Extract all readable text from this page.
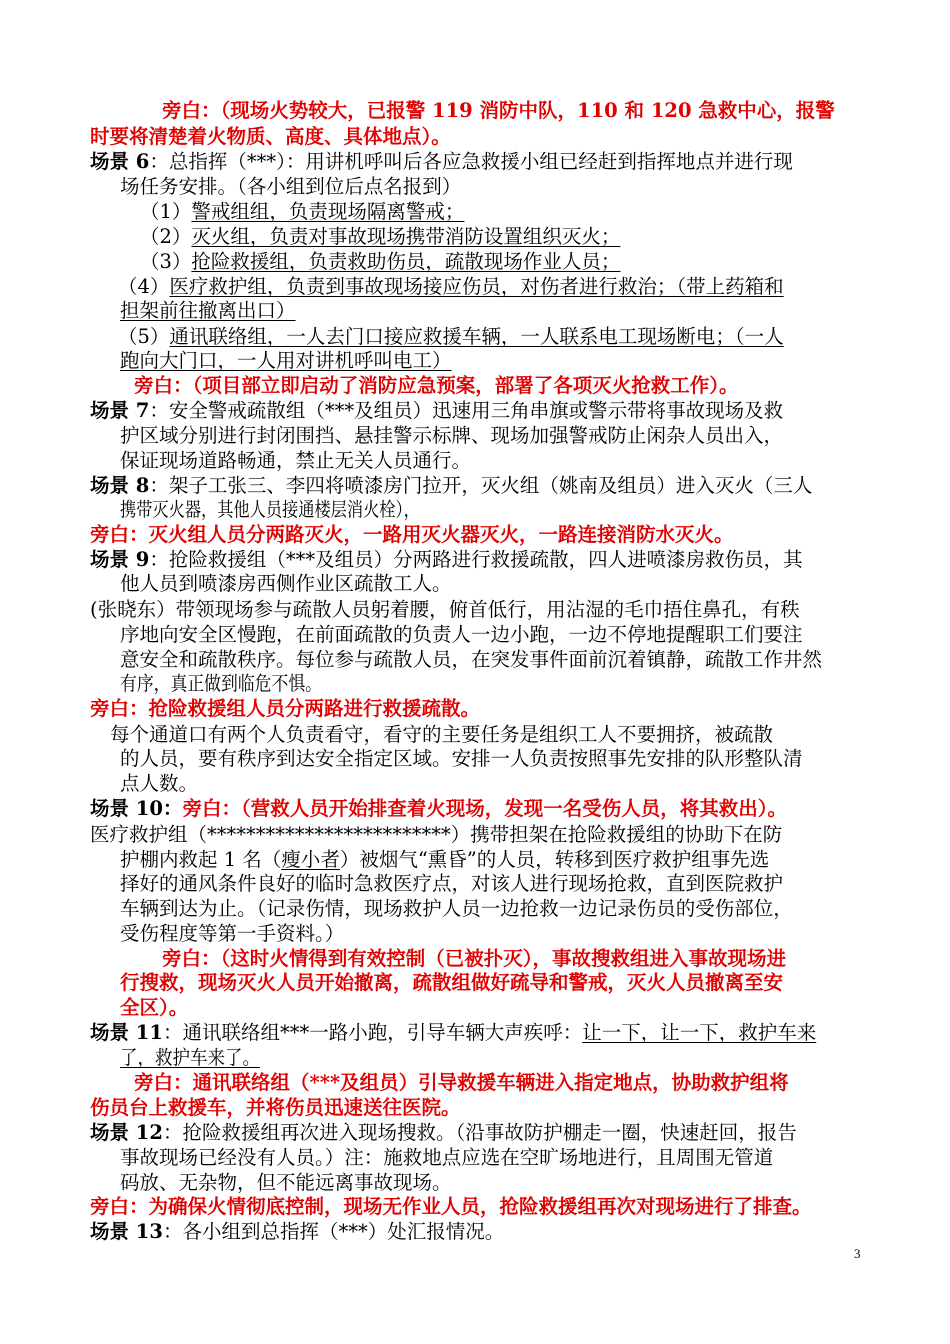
旁白：（现场火势较大，已报警 119 消防中队，110 和 120 急救中心，报警
时要将清楚着火物质、高度、具体地点）。
场景 6：总指挥（***）：用讲机呼叫后各应急救援小组已经赶到指挥地点并进行现
场任务安排。（各小组到位后点名报到）
（1）警戒组组，负责现场隔离警戒；
（2）灭火组，负责对事故现场携带消防设置组织灭火；
（3）抢险救援组，负责救助伤员，疏散现场作业人员；
（4）医疗救护组，负责到事故现场接应伤员，对伤者进行救治；（带上药箱和
担架前往撤离出口）
（5）通讯联络组，一人去门口接应救援车辆，一人联系电工现场断电；（一人
跑向大门口，一人用对讲机呼叫电工）
旁白：（项目部立即启动了消防应急预案，部署了各项灭火抢救工作）。
场景 7：安全警戒疏散组（***及组员）迅速用三角串旗或警示带将事故现场及救
护区域分别进行封闭围挡、悬挂警示标牌、现场加强警戒防止闲杂人员出入，
保证现场道路畅通，禁止无关人员通行。
场景 8：架子工张三、李四将喷漆房门拉开，灭火组（姚南及组员）进入灭火（三人
携带灭火器，其他人员接通楼层消火栓），
旁白：灭火组人员分两路灭火，一路用灭火器灭火，一路连接消防水灭火。
场景 9：抢险救援组（***及组员）分两路进行救援疏散，四人进喷漆房救伤员，其
他人员到喷漆房西侧作业区疏散工人。
(张晓东）带领现场参与疏散人员躬着腰，俯首低行，用沾湿的毛巾捂住鼻孔，有秩
序地向安全区慢跑，在前面疏散的负责人一边小跑，一边不停地提醒职工们要注
意安全和疏散秩序。每位参与疏散人员，在突发事件面前沉着镇静，疏散工作井然
有序，真正做到临危不惧。
旁白：抢险救援组人员分两路进行救援疏散。
每个通道口有两个人负责看守，看守的主要任务是组织工人不要拥挤，被疏散
的人员，要有秩序到达安全指定区域。安排一人负责按照事先安排的队形整队清
点人数。
场景 10：旁白：（营救人员开始排查着火现场，发现一名受伤人员，将其救出）。
医疗救护组（*************************）携带担架在抢险救援组的协助下在防
护棚内救起 1 名（瘦小者）被烟气“熏昏”的人员，转移到医疗救护组事先选
择好的通风条件良好的临时急救医疗点，对该人进行现场抢救，直到医院救护
车辆到达为止。（记录伤情，现场救护人员一边抢救一边记录伤员的受伤部位，
受伤程度等第一手资料。）
旁白：（这时火情得到有效控制（已被扑灭），事故搜救组进入事故现场进
行搜救，现场灭火人员开始撤离，疏散组做好疏导和警戒，灭火人员撤离至安
全区）。
场景 11：通讯联络组***一路小跑，引导车辆大声疾呼：让一下，让一下，救护车来
了，救护车来了。
旁白：通讯联络组（***及组员）引导救援车辆进入指定地点，协助救护组将
伤员台上救援车，并将伤员迅速送往医院。
场景 12：抢险救援组再次进入现场搜救。（沿事故防护棚走一圈，快速赶回，报告
事故现场已经没有人员。）注：施救地点应选在空旷场地进行，且周围无管道
码放、无杂物，但不能远离事故现场。
旁白：为确保火情彻底控制，现场无作业人员，抢险救援组再次对现场进行了排查。
场景 13：各小组到总指挥（***）处汇报情况。
3
